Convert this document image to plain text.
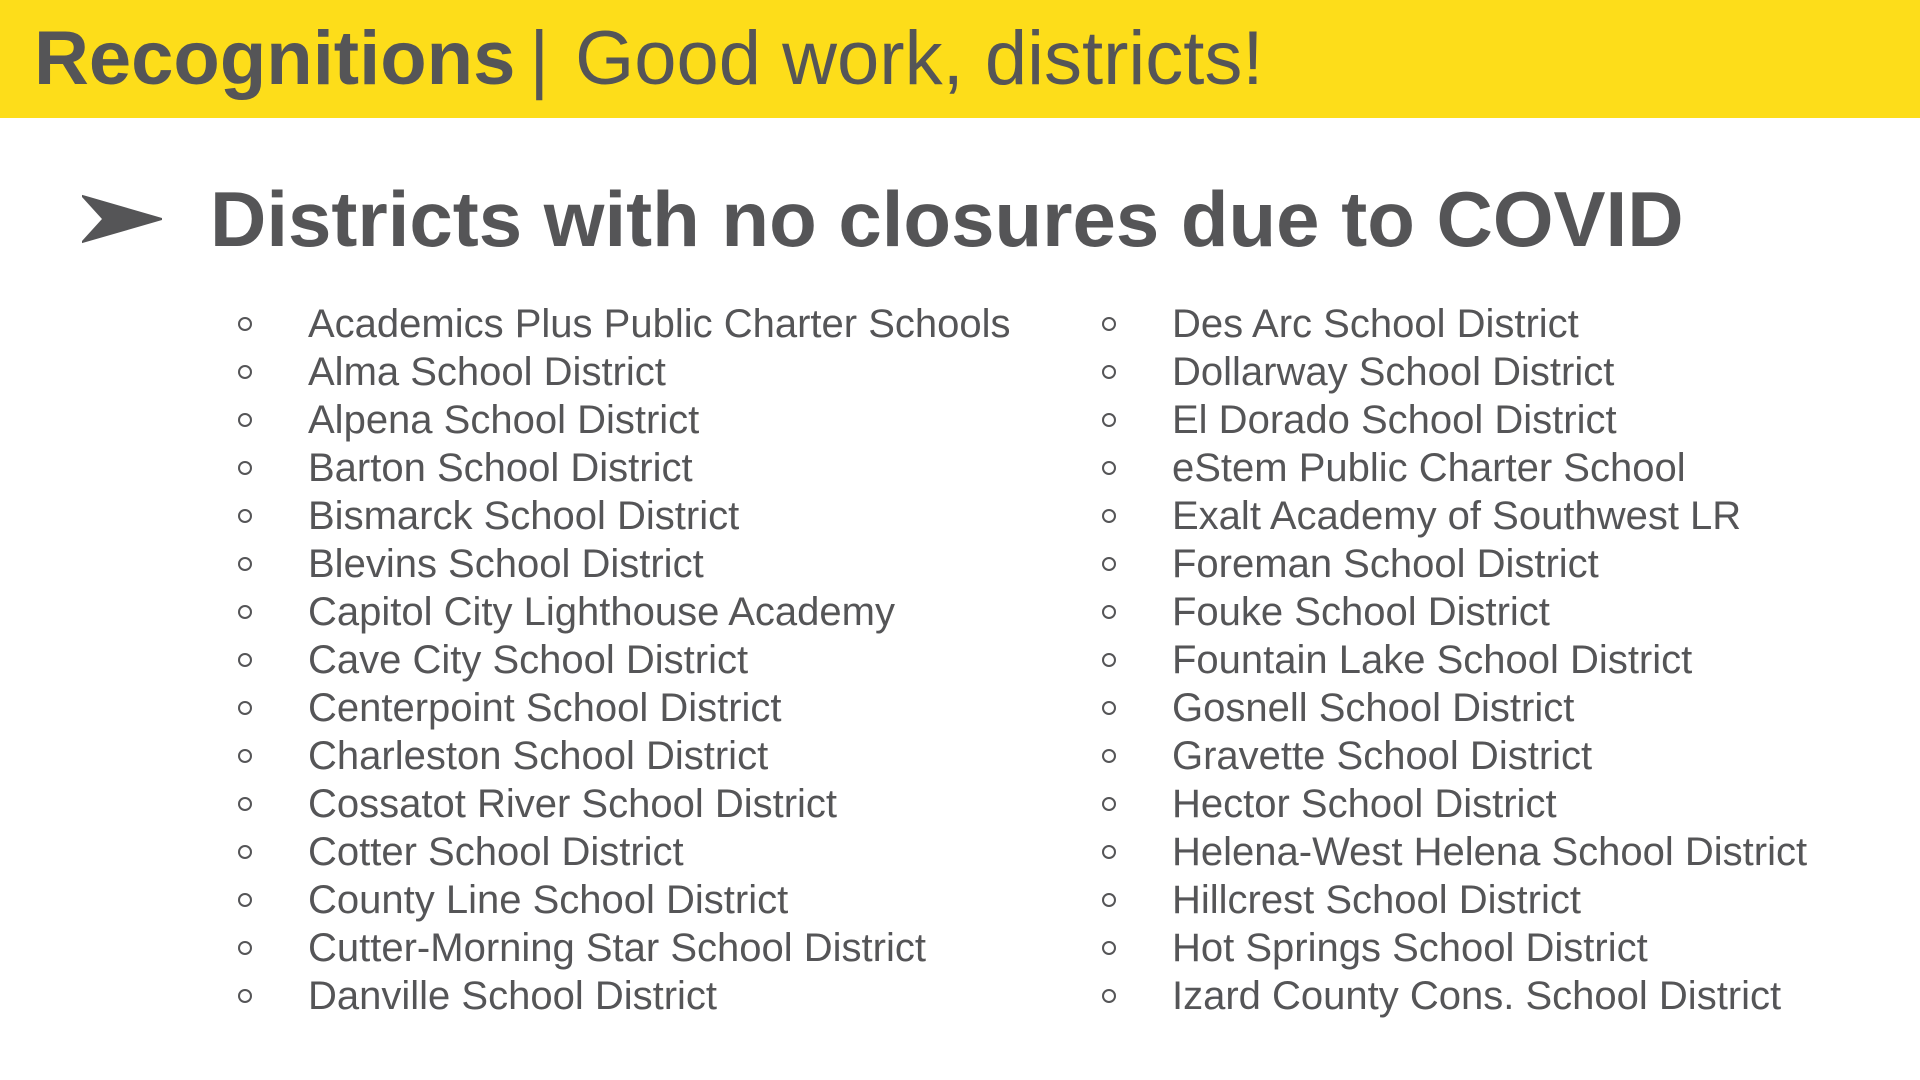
Recognitions | Good work, districts!
Districts with no closures due to COVID
Academics Plus Public Charter Schools
Alma School District
Alpena School District
Barton School District
Bismarck School District
Blevins School District
Capitol City Lighthouse Academy
Cave City School District
Centerpoint School District
Charleston School District
Cossatot River School District
Cotter School District
County Line School District
Cutter-Morning Star School District
Danville School District
Des Arc School District
Dollarway School District
El Dorado School District
eStem Public Charter School
Exalt Academy of Southwest LR
Foreman School District
Fouke School District
Fountain Lake School District
Gosnell School District
Gravette School District
Hector School District
Helena-West Helena School District
Hillcrest School District
Hot Springs School District
Izard County Cons. School District
